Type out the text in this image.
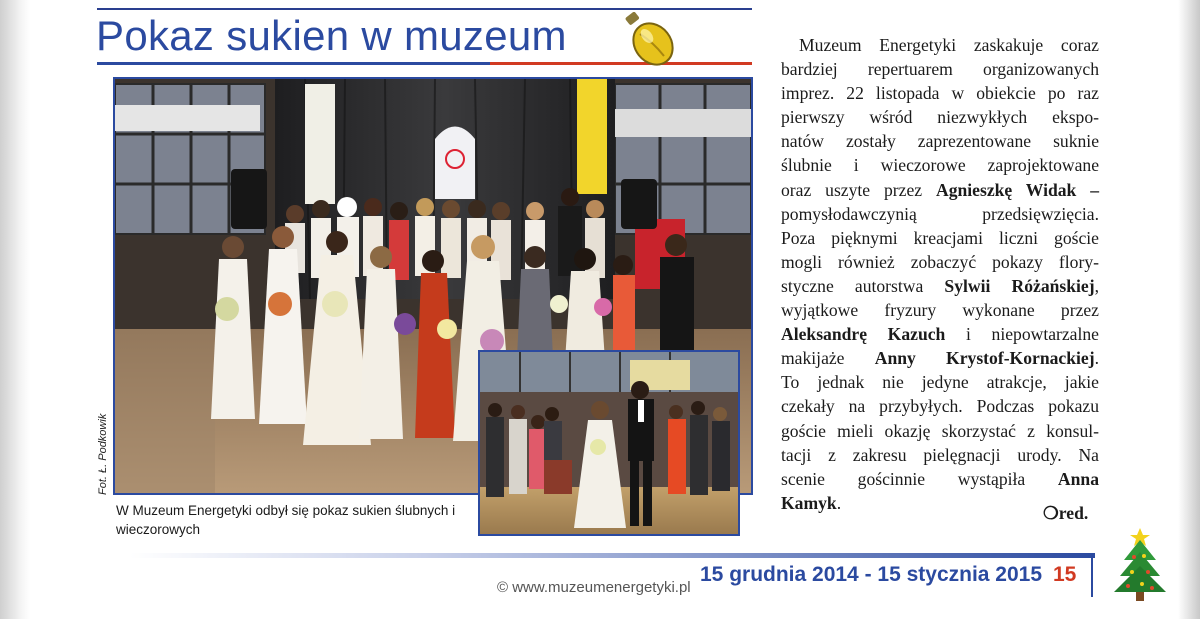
Pokaz sukien w muzeum
Fot. Ł. Podkowik

W Muzeum Energetyki odbył się pokaz sukien ślubnych i wieczorowych

Muzeum Energetyki zaskakuje coraz
bardziej repertuarem organizowanych
imprez. 22 listopada w obiekcie po raz
pierwszy wśród niezwykłych ekspo-
natów zostały zaprezentowane suknie
ślubnie i wieczorowe zaprojektowane
oraz uszyte przez Agnieszkę Widak –
pomysłodawczynią przedsięwzięcia.
Poza pięknymi kreacjami liczni goście
mogli również zobaczyć pokazy flory-
styczne autorstwa Sylwii Różańskiej,
wyjątkowe fryzury wykonane przez
Aleksandrę Kazuch i niepowtarzalne
makijaże Anny Krystof-Kornackiej.
To jednak nie jedyne atrakcje, jakie
czekały na przybyłych. Podczas pokazu
goście mieli okazję skorzystać z konsul-
tacji z zakresu pielęgnacji urody. Na
scenie gościnnie wystąpiła Anna
Kamyk.
❍red.
15 grudnia 2014 - 15 stycznia 2015 15
© www.muzeumenergetyki.pl
